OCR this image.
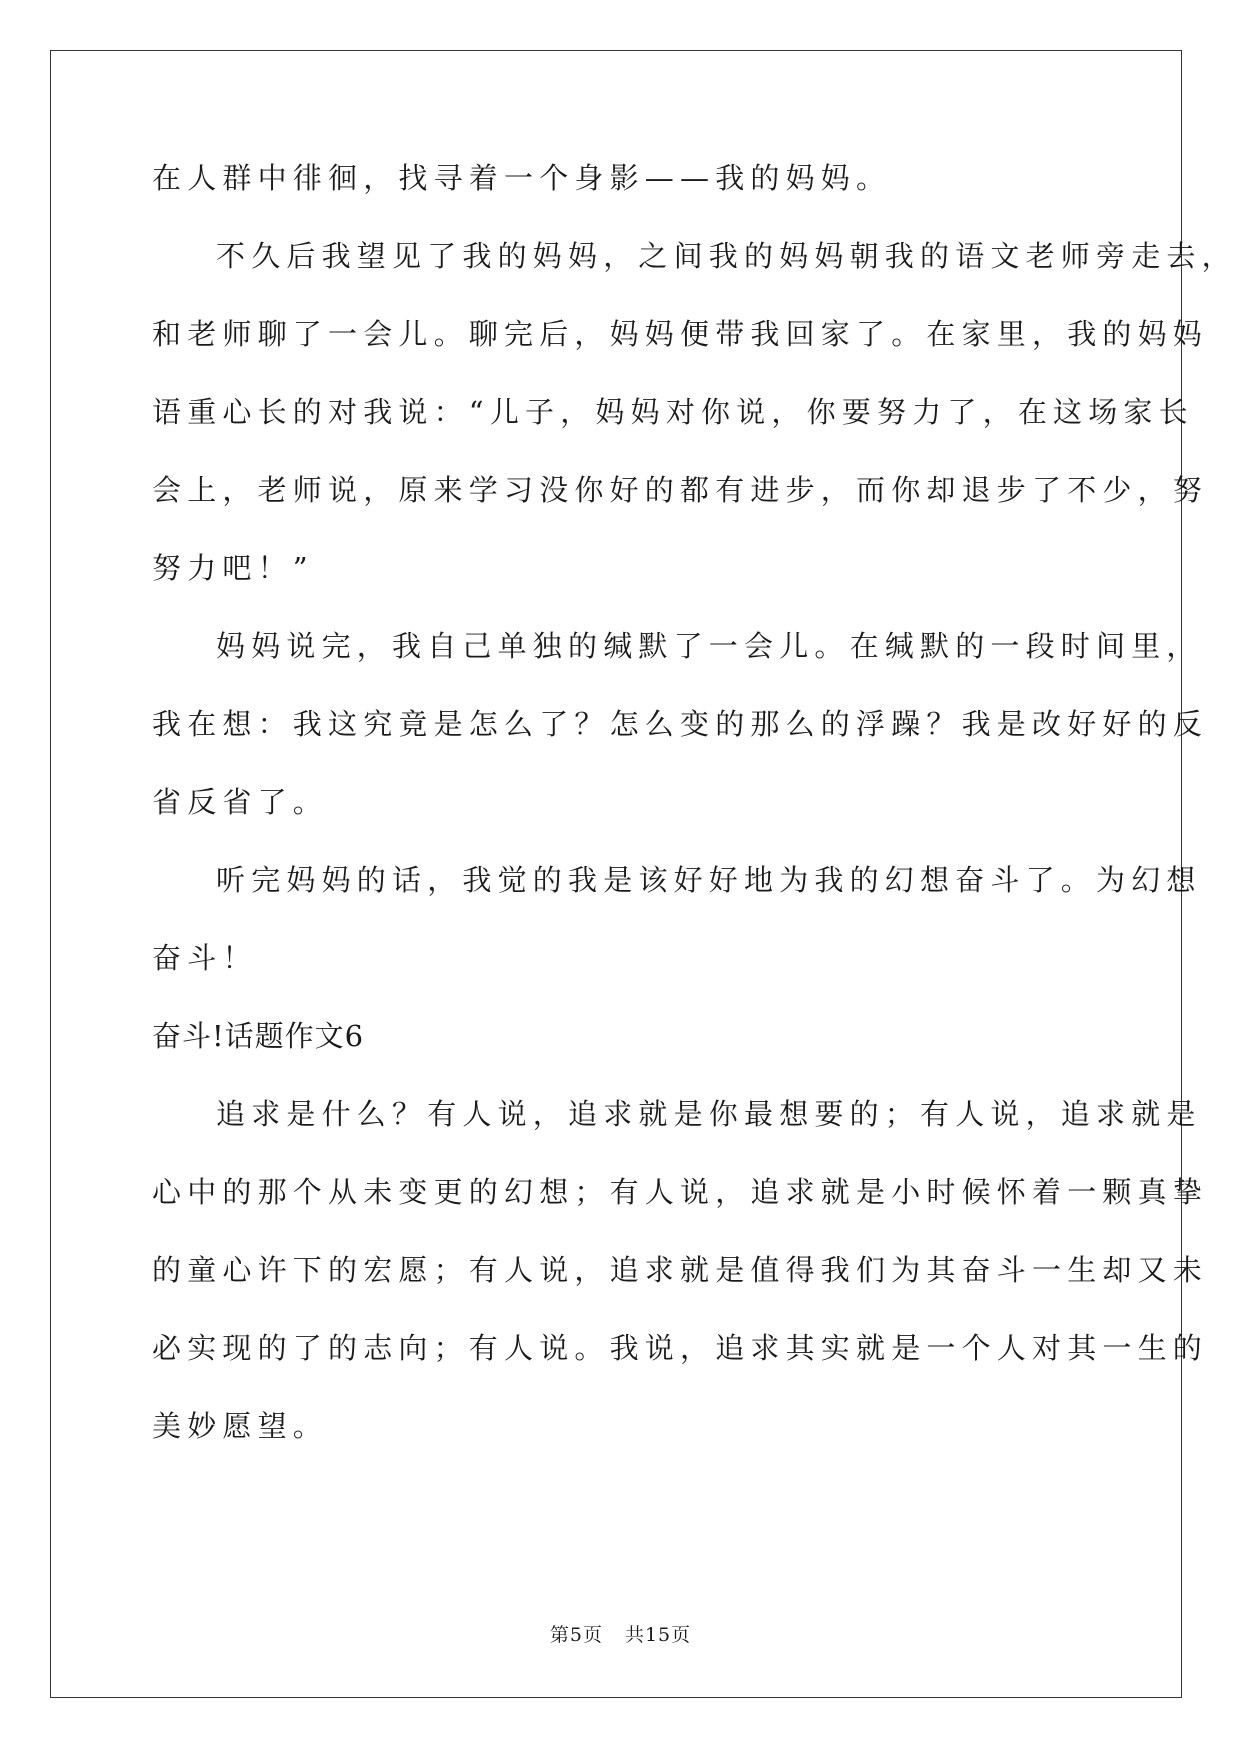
在人群中徘徊，找寻着一个身影——我的妈妈。
不久后我望见了我的妈妈，之间我的妈妈朝我的语文老师旁走去，
和老师聊了一会儿。聊完后，妈妈便带我回家了。在家里，我的妈妈
语重心长的对我说：“儿子，妈妈对你说，你要努力了，在这场家长
会上，老师说，原来学习没你好的都有进步，而你却退步了不少，努
努力吧！”
妈妈说完，我自己单独的缄默了一会儿。在缄默的一段时间里，
我在想：我这究竟是怎么了？怎么变的那么的浮躁？我是改好好的反
省反省了。
听完妈妈的话，我觉的我是该好好地为我的幻想奋斗了。为幻想
奋斗！
奋斗!话题作文6
追求是什么？有人说，追求就是你最想要的；有人说，追求就是
心中的那个从未变更的幻想；有人说，追求就是小时候怀着一颗真挚
的童心许下的宏愿；有人说，追求就是值得我们为其奋斗一生却又未
必实现的了的志向；有人说。我说，追求其实就是一个人对其一生的
美妙愿望。
第5页 共15页
